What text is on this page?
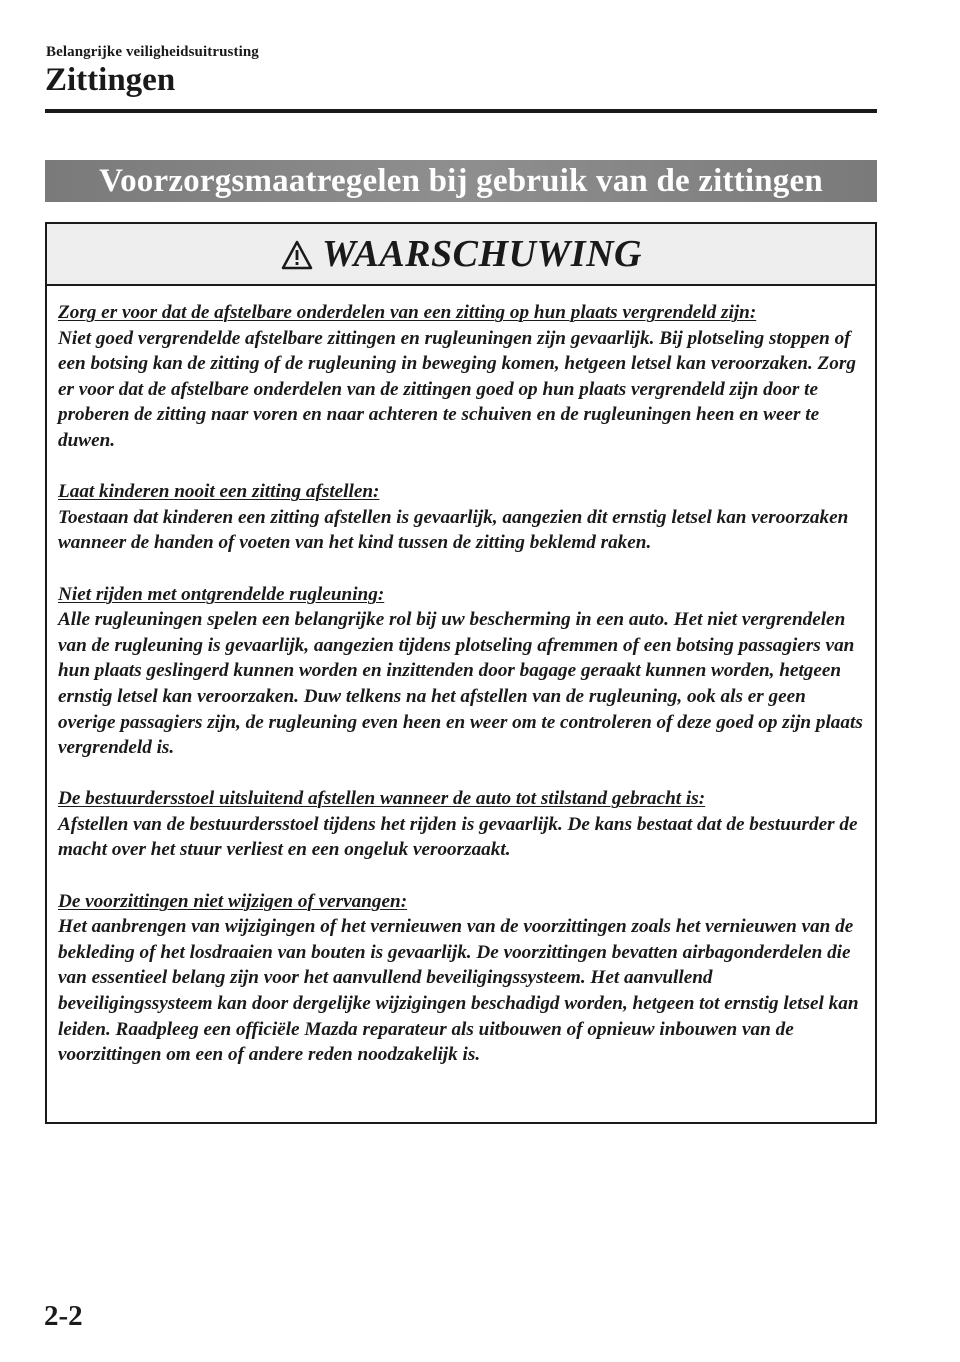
Belangrijke veiligheidsuitrusting
Zittingen
Voorzorgsmaatregelen bij gebruik van de zittingen
WAARSCHUWING
Zorg er voor dat de afstelbare onderdelen van een zitting op hun plaats vergrendeld zijn:
Niet goed vergrendelde afstelbare zittingen en rugleuningen zijn gevaarlijk. Bij plotseling stoppen of een botsing kan de zitting of de rugleuning in beweging komen, hetgeen letsel kan veroorzaken. Zorg er voor dat de afstelbare onderdelen van de zittingen goed op hun plaats vergrendeld zijn door te proberen de zitting naar voren en naar achteren te schuiven en de rugleuningen heen en weer te duwen.
Laat kinderen nooit een zitting afstellen:
Toestaan dat kinderen een zitting afstellen is gevaarlijk, aangezien dit ernstig letsel kan veroorzaken wanneer de handen of voeten van het kind tussen de zitting beklemd raken.
Niet rijden met ontgrendelde rugleuning:
Alle rugleuningen spelen een belangrijke rol bij uw bescherming in een auto. Het niet vergrendelen van de rugleuning is gevaarlijk, aangezien tijdens plotseling afremmen of een botsing passagiers van hun plaats geslingerd kunnen worden en inzittenden door bagage geraakt kunnen worden, hetgeen ernstig letsel kan veroorzaken. Duw telkens na het afstellen van de rugleuning, ook als er geen overige passagiers zijn, de rugleuning even heen en weer om te controleren of deze goed op zijn plaats vergrendeld is.
De bestuurdersstoel uitsluitend afstellen wanneer de auto tot stilstand gebracht is:
Afstellen van de bestuurdersstoel tijdens het rijden is gevaarlijk. De kans bestaat dat de bestuurder de macht over het stuur verliest en een ongeluk veroorzaakt.
De voorzittingen niet wijzigen of vervangen:
Het aanbrengen van wijzigingen of het vernieuwen van de voorzittingen zoals het vernieuwen van de bekleding of het losdraaien van bouten is gevaarlijk. De voorzittingen bevatten airbagonderdelen die van essentieel belang zijn voor het aanvullend beveiligingssysteem. Het aanvullend beveiligingssysteem kan door dergelijke wijzigingen beschadigd worden, hetgeen tot ernstig letsel kan leiden. Raadpleeg een officiële Mazda reparateur als uitbouwen of opnieuw inbouwen van de voorzittingen om een of andere reden noodzakelijk is.
2-2
